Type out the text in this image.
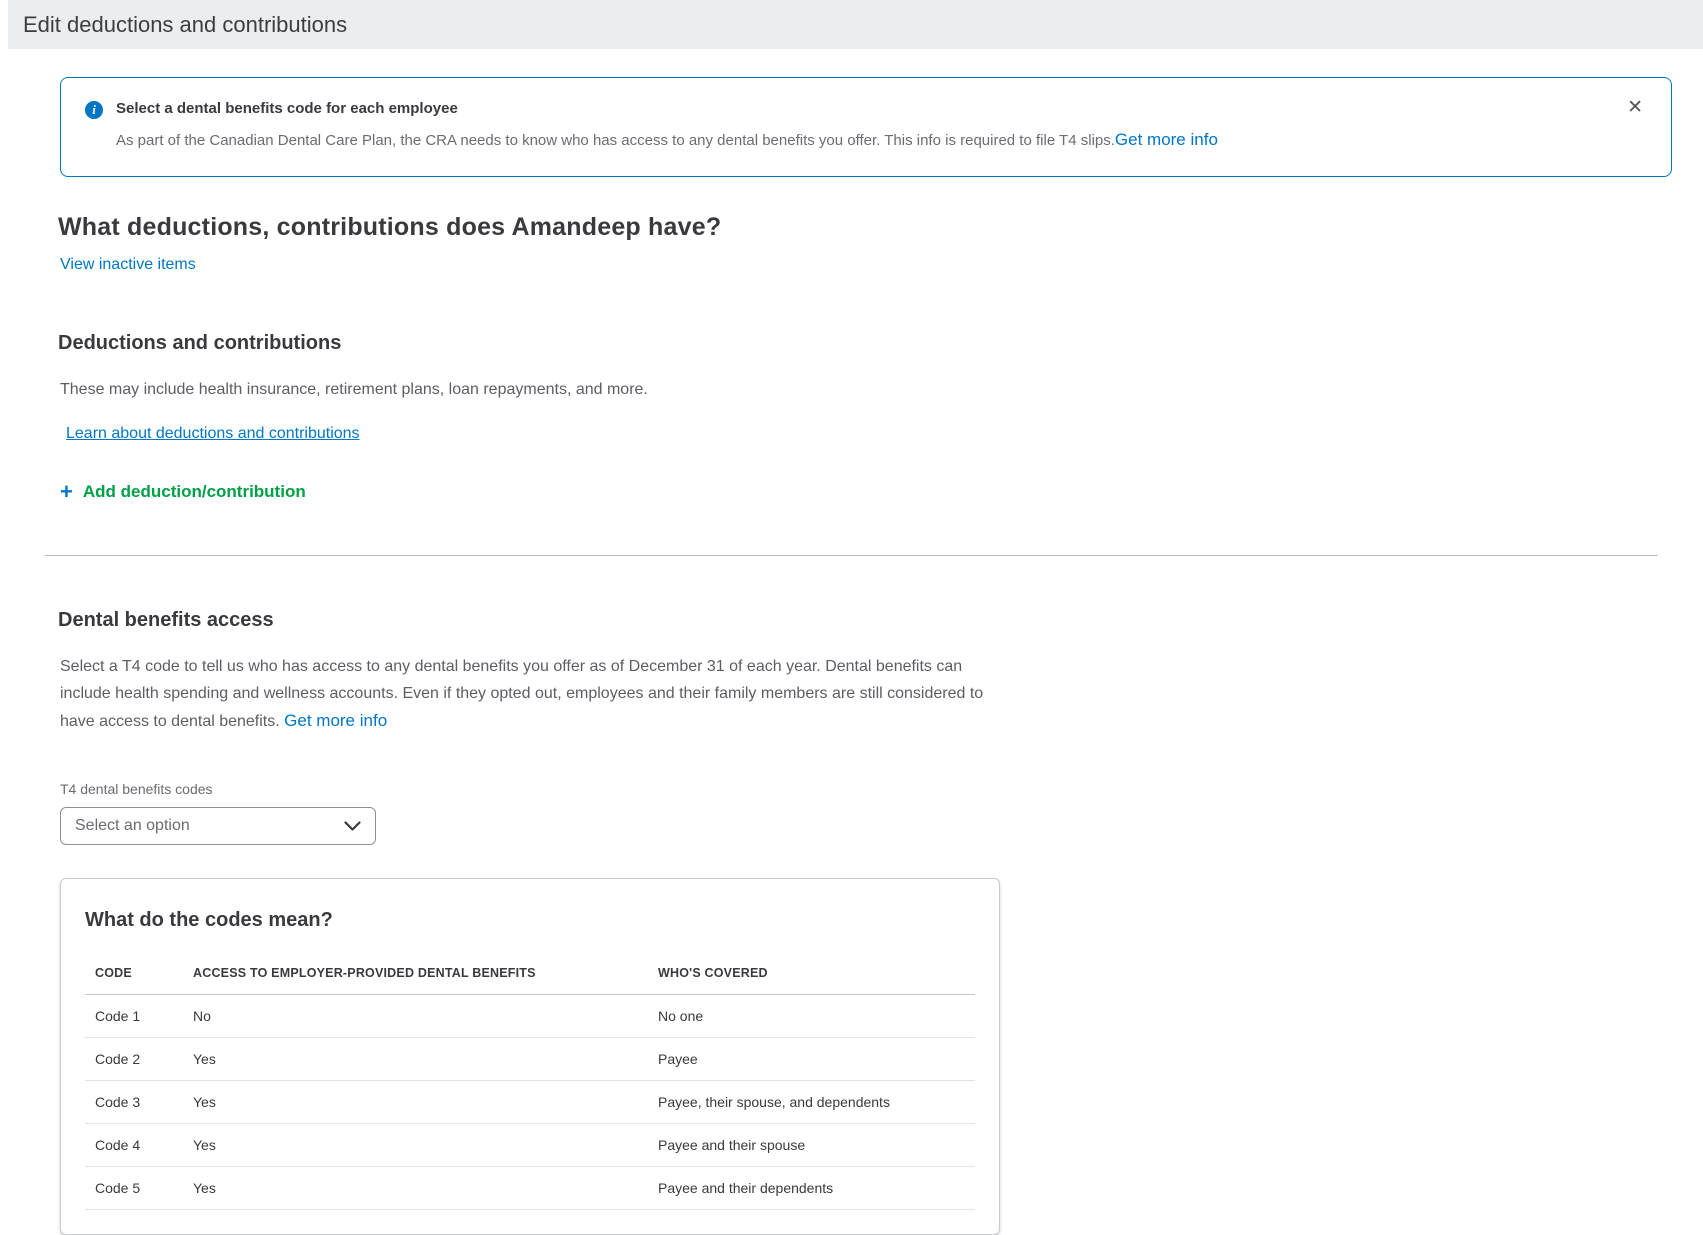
Edit deductions and contributions
i	Select a dental benefits code for each employee
As part of the Canadian Dental Care Plan, the CRA needs to know who has access to any dental benefits you offer. This info is required to file T4 slips.Get more info
✕
What deductions, contributions does Amandeep have?
View inactive items
Deductions and contributions

These may include health insurance, retirement plans, loan repayments, and more.

Learn about deductions and contributions
+ Add deduction/contribution
Dental benefits access

Select a T4 code to tell us who has access to any dental benefits you offer as of December 31 of each year. Dental benefits can include health spending and wellness accounts. Even if they opted out, employees and their family members are still considered to have access to dental benefits. Get more info

T4 dental benefits codes
Select an option
What do the codes mean?
CODE	ACCESS TO EMPLOYER-PROVIDED DENTAL BENEFITS	WHO'S COVERED
Code 1	No	No one
Code 2	Yes	Payee
Code 3	Yes	Payee, their spouse, and dependents
Code 4	Yes	Payee and their spouse
Code 5	Yes	Payee and their dependents
